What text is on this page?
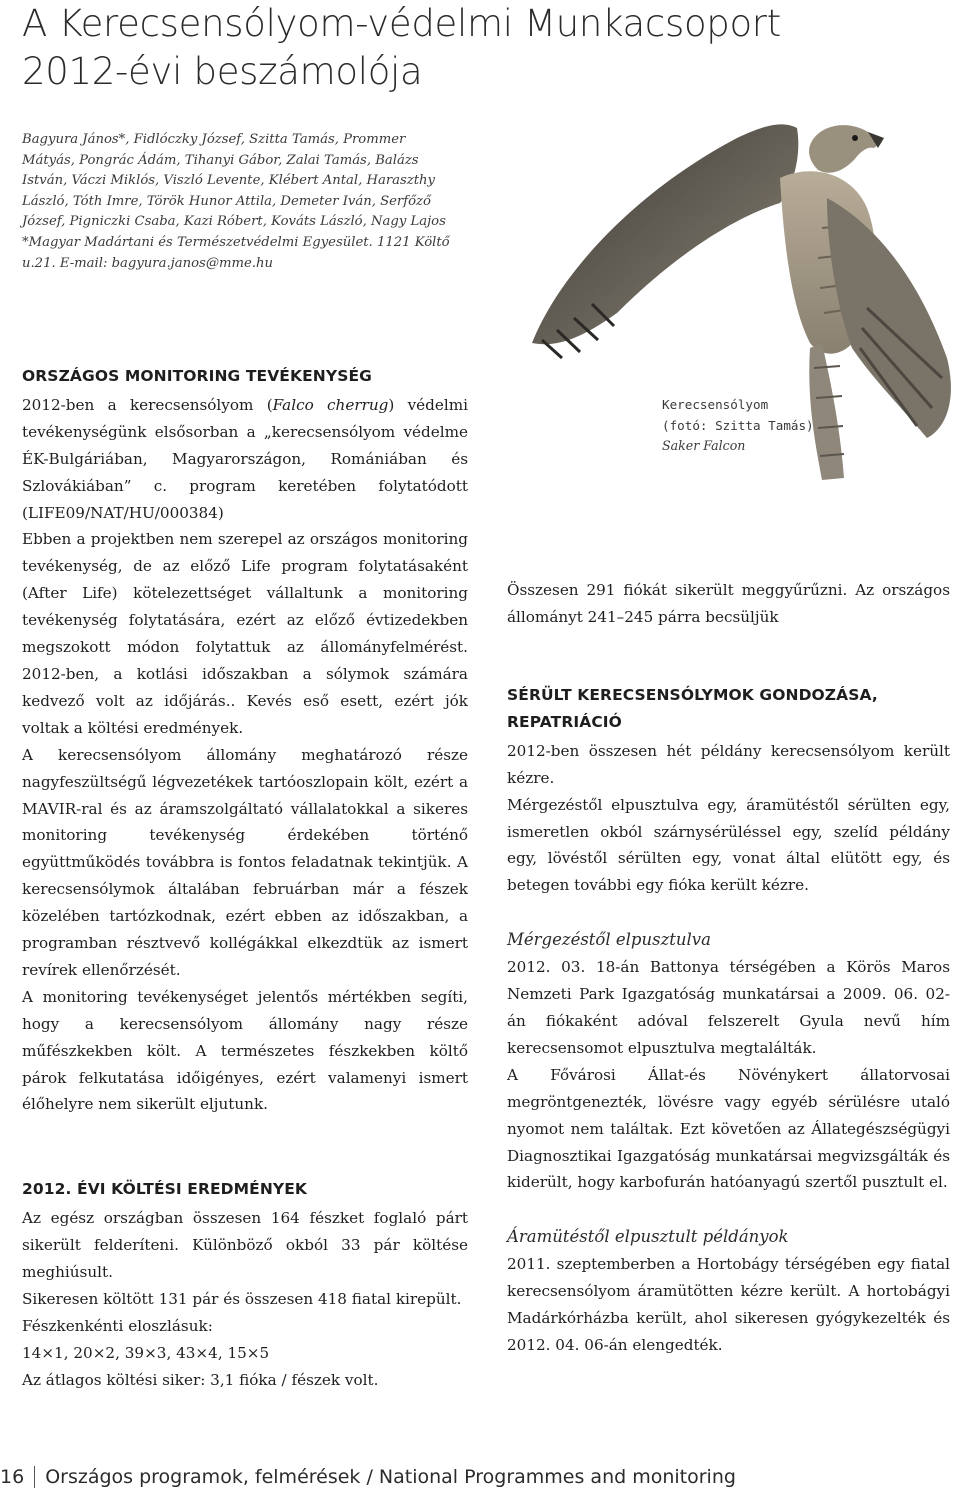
A Kerecsensólyom-védelmi Munkacsoport
2012-évi beszámolója
Bagyura János*, Fidlóczky József, Szitta Tamás, Prommer Mátyás, Pongrác Ádám, Tihanyi Gábor, Zalai Tamás, Balázs István, Váczi Miklós, Viszló Levente, Klébert Antal, Haraszthy László, Tóth Imre, Török Hunor Attila, Demeter Iván, Serfőző József, Pigniczki Csaba, Kazi Róbert, Kováts László, Nagy Lajos
*Magyar Madártani és Természetvédelmi Egyesület. 1121 Költő u.21. E-mail: bagyura.janos@mme.hu
Kerecsensólyom
(fotó: Szitta Tamás)
Saker Falcon
ORSZÁGOS MONITORING TEVÉKENYSÉG

2012-ben a kerecsensólyom (Falco cherrug) védelmi tevékenységünk elsősorban a „kerecsensólyom védelme ÉK-Bulgáriában, Magyarországon, Romániában és Szlovákiában” c. program keretében folytatódott (LIFE09/NAT/HU/000384)

Ebben a projektben nem szerepel az országos monitoring tevékenység, de az előző Life program folytatásaként (After Life) kötelezettséget vállaltunk a monitoring tevékenység folytatására, ezért az előző évtizedekben megszokott módon folytattuk az állományfelmérést. 2012-ben, a kotlási időszakban a sólymok számára kedvező volt az időjárás.. Kevés eső esett, ezért jók voltak a költési eredmények.

A kerecsensólyom állomány meghatározó része nagyfeszültségű légvezetékek tartóoszlopain költ, ezért a MAVIR-ral és az áramszolgáltató vállalatokkal a sikeres monitoring tevékenység érdekében történő együttműködés továbbra is fontos feladatnak tekintjük. A kerecsensólymok általában februárban már a fészek közelében tartózkodnak, ezért ebben az időszakban, a programban résztvevő kollégákkal elkezdtük az ismert revírek ellenőrzését.

A monitoring tevékenységet jelentős mértékben segíti, hogy a kerecsensólyom állomány nagy része műfészkekben költ. A természetes fészkekben költő párok felkutatása időigényes, ezért valamenyi ismert élőhelyre nem sikerült eljutunk.

2012. ÉVI KÖLTÉSI EREDMÉNYEK

Az egész országban összesen 164 fészket foglaló párt sikerült felderíteni. Különböző okból 33 pár költése meghiúsult.

Sikeresen költött 131 pár és összesen 418 fiatal kirepült.

Fészkenkénti eloszlásuk:

14×1, 20×2, 39×3, 43×4, 15×5

Az átlagos költési siker: 3,1 fióka / fészek volt.

Összesen 291 fiókát sikerült meggyűrűzni. Az országos állományt 241–245 párra becsüljük

SÉRÜLT KERECSENSÓLYMOK GONDOZÁSA,
REPATRIÁCIÓ

2012-ben összesen hét példány kerecsensólyom került kézre.

Mérgezéstől elpusztulva egy, áramütéstől sérülten egy, ismeretlen okból szárnysérüléssel egy, szelíd példány egy, lövéstől sérülten egy, vonat által elütött egy, és betegen további egy fióka került kézre.

Mérgezéstől elpusztulva

2012. 03. 18-án Battonya térségében a Körös Maros Nemzeti Park Igazgatóság munkatársai a 2009. 06. 02-án fiókaként adóval felszerelt Gyula nevű hím kerecsensomot elpusztulva megtalálták.

A Fővárosi Állat-és Növénykert állatorvosai megröntgenezték, lövésre vagy egyéb sérülésre utaló nyomot nem találtak. Ezt követően az Állategészségügyi Diagnosztikai Igazgatóság munkatársai megvizsgálták és kiderült, hogy karbofurán hatóanyagú szertől pusztult el.

Áramütéstől elpusztult példányok

2011. szeptemberben a Hortobágy térségében egy fiatal kerecsensólyom áramütötten kézre került. A hortobágyi Madárkórházba került, ahol sikeresen gyógykezelték és 2012. 04. 06-án elengedték.

16 Országos programok, felmérések / National Programmes and monitoring
